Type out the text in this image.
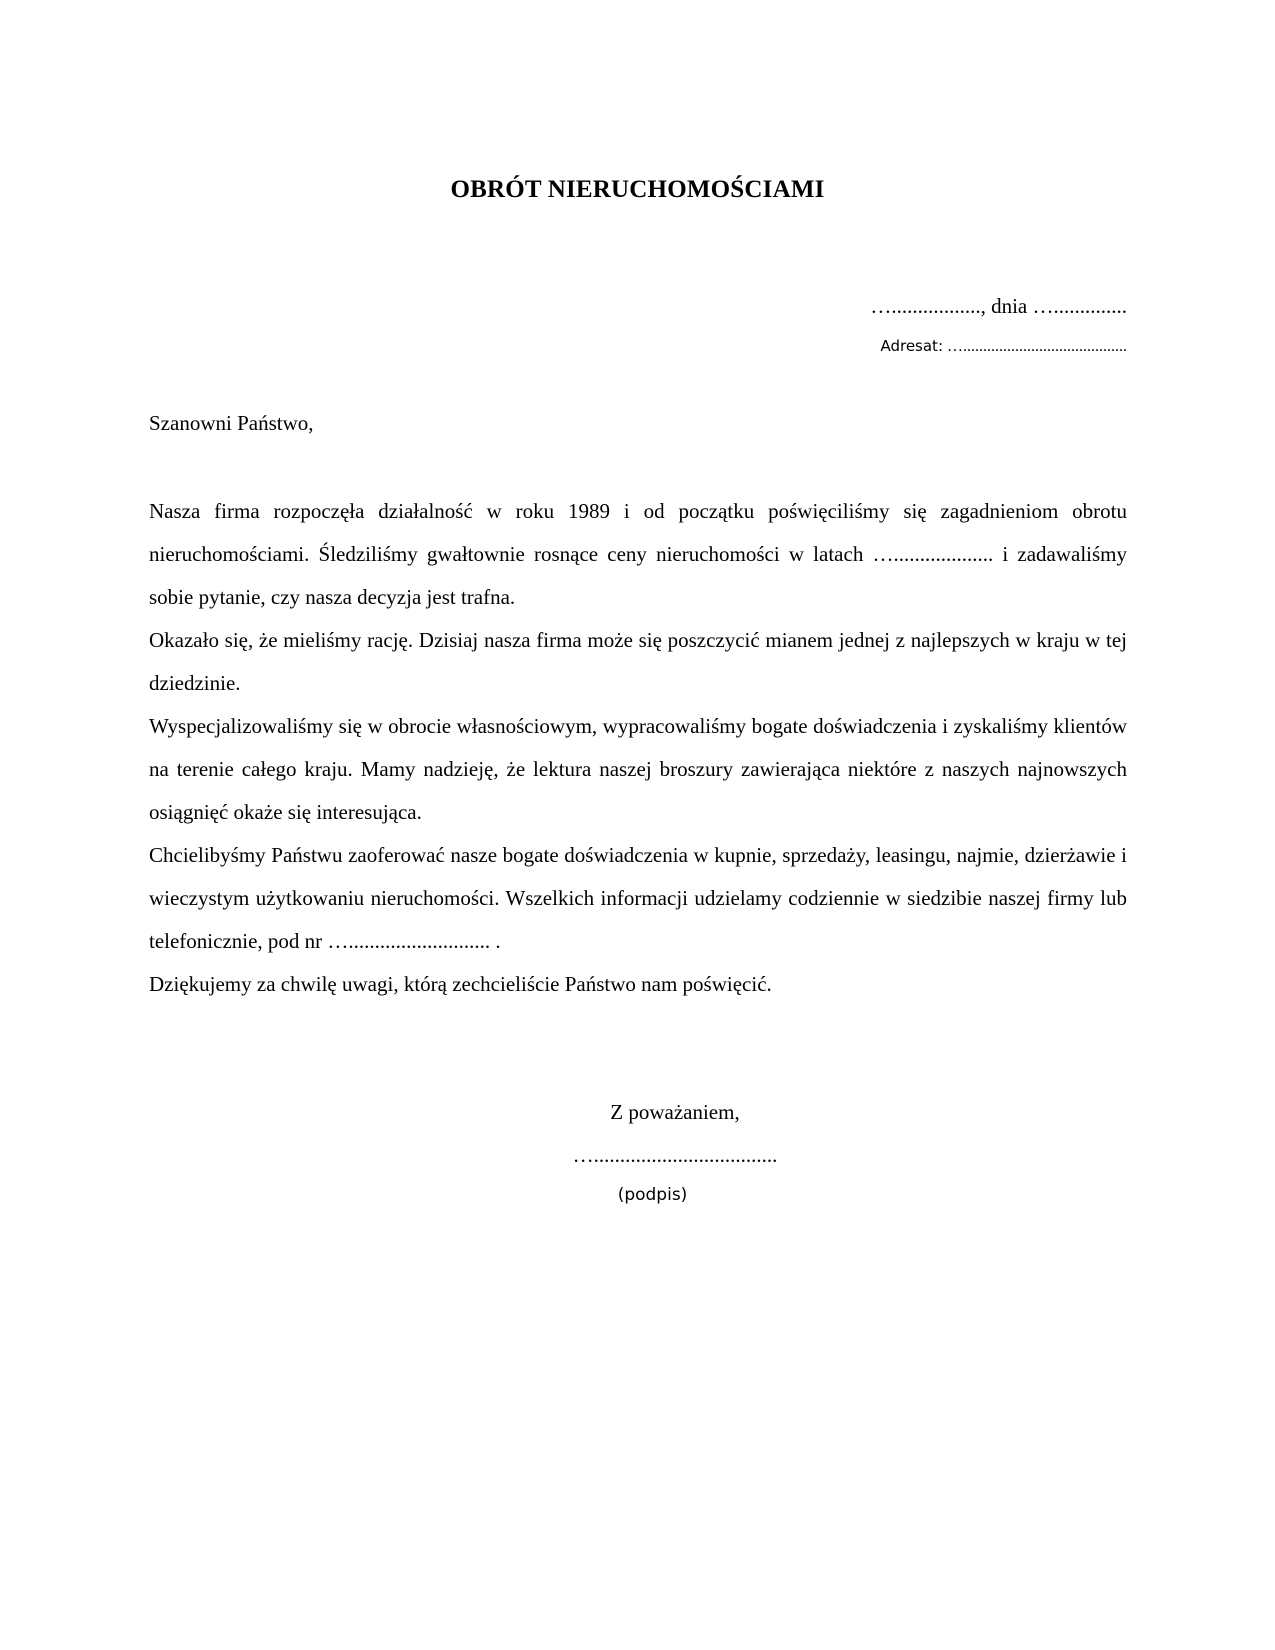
OBRÓT NIERUCHOMOŚCIAMI
…................., dnia …..............
Adresat: ….........................................
Szanowni Państwo,

Nasza firma rozpoczęła działalność w roku 1989 i od początku poświęciliśmy się zagadnieniom obrotu nieruchomościami. Śledziliśmy gwałtownie rosnące ceny nieruchomości w latach …................... i zadawaliśmy sobie pytanie, czy nasza decyzja jest trafna.

Okazało się, że mieliśmy rację. Dzisiaj nasza firma może się poszczycić mianem jednej z najlepszych w kraju w tej dziedzinie.

Wyspecjalizowaliśmy się w obrocie własnościowym, wypracowaliśmy bogate doświadczenia i zyskaliśmy klientów na terenie całego kraju. Mamy nadzieję, że lektura naszej broszury zawierająca niektóre z naszych najnowszych osiągnięć okaże się interesująca.

Chcielibyśmy Państwu zaoferować nasze bogate doświadczenia w kupnie, sprzedaży, leasingu, najmie, dzierżawie i wieczystym użytkowaniu nieruchomości. Wszelkich informacji udzielamy codziennie w siedzibie naszej firmy lub telefonicznie, pod nr …........................... .

Dziękujemy za chwilę uwagi, którą zechcieliście Państwo nam poświęcić.

Z poważaniem,
…...................................
(podpis)
